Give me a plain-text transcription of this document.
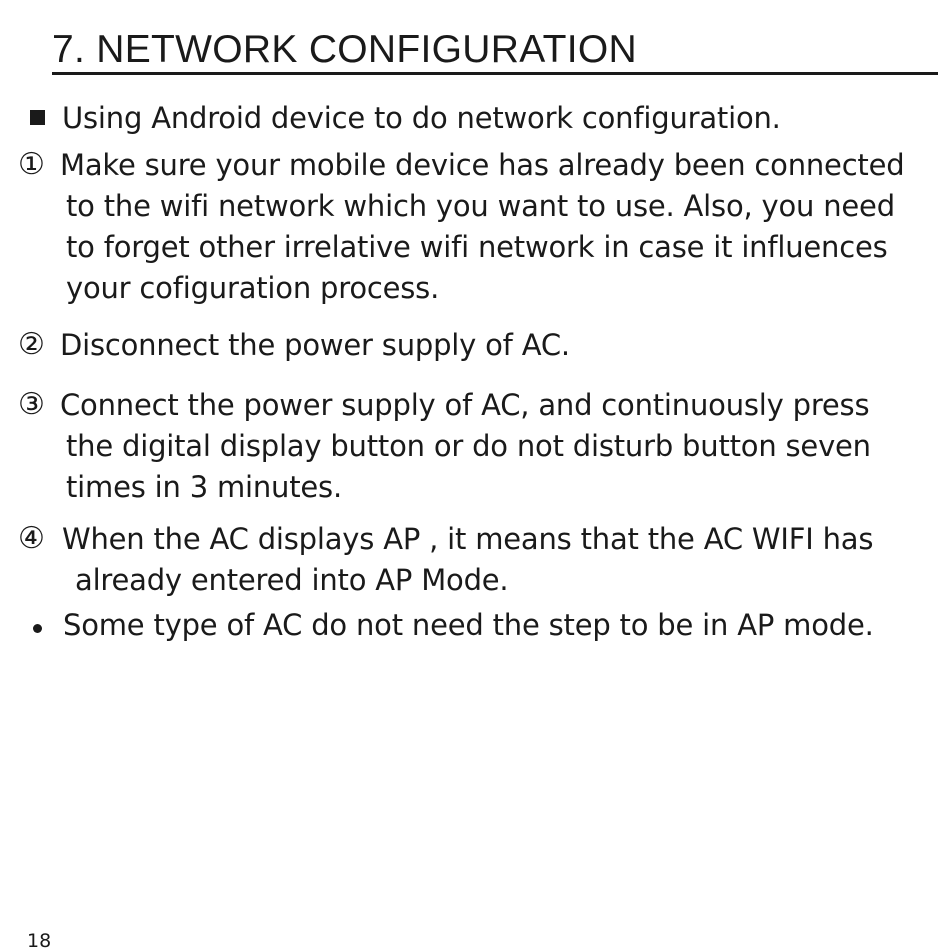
7. NETWORK CONFIGURATION
Using Android device to do network configuration.
① Make sure your mobile device has already been connected
to the wifi network which you want to use. Also, you need
to forget other irrelative wifi network in case it influences
your cofiguration process.
② Disconnect the power supply of AC.
③ Connect the power supply of AC, and continuously press
the digital display button or do not disturb button seven
times in 3 minutes.
④ When the AC displays AP , it means that the AC WIFI has
already entered into AP Mode.
Some type of AC do not need the step to be in AP mode.
18
